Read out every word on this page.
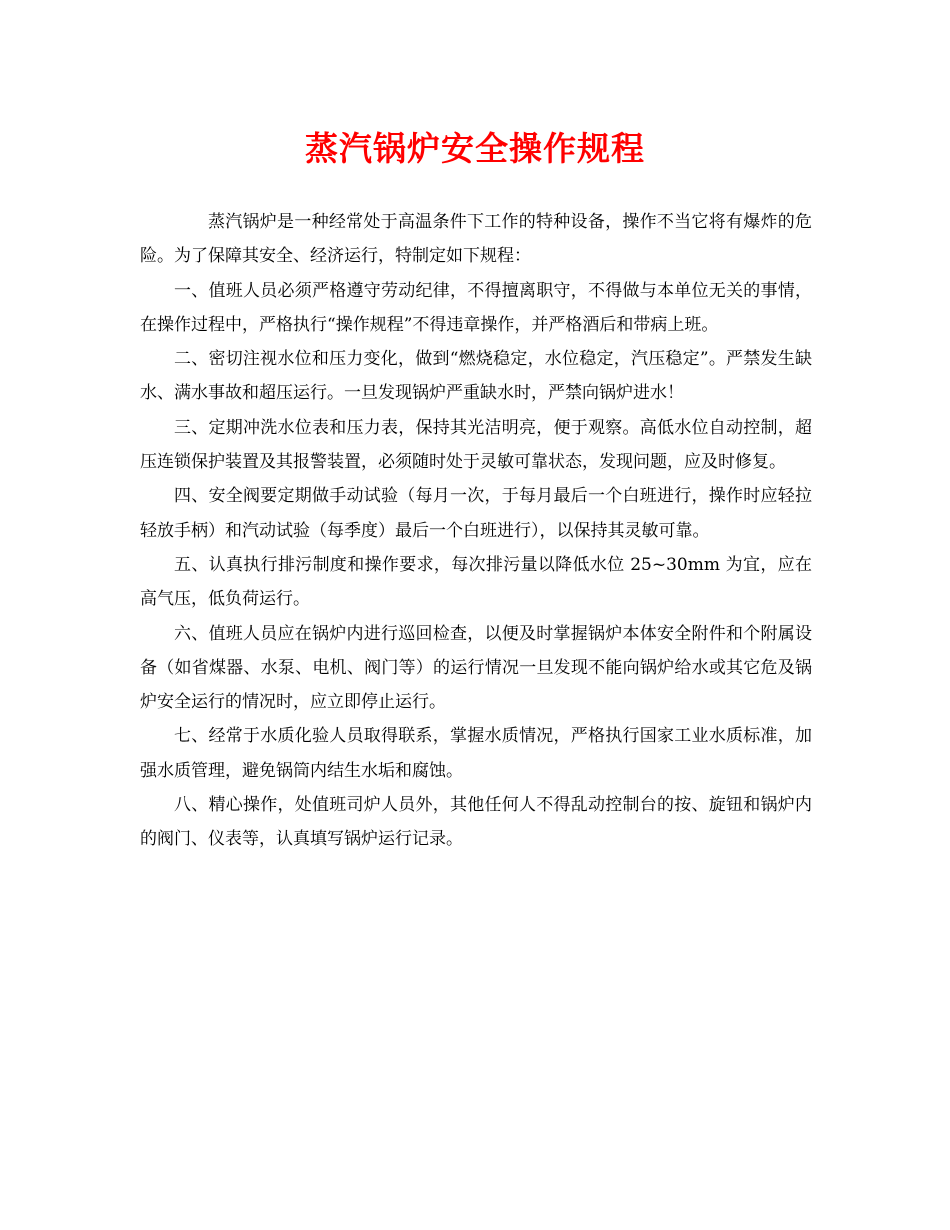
蒸汽锅炉安全操作规程

蒸汽锅炉是一种经常处于高温条件下工作的特种设备，操作不当它将有爆炸的危险。为了保障其安全、经济运行，特制定如下规程：

一、值班人员必须严格遵守劳动纪律，不得擅离职守，不得做与本单位无关的事情，在操作过程中，严格执行“操作规程”不得违章操作，并严格酒后和带病上班。

二、密切注视水位和压力变化，做到“燃烧稳定，水位稳定，汽压稳定”。严禁发生缺水、满水事故和超压运行。一旦发现锅炉严重缺水时，严禁向锅炉进水！

三、定期冲洗水位表和压力表，保持其光洁明亮，便于观察。高低水位自动控制，超压连锁保护装置及其报警装置，必须随时处于灵敏可靠状态，发现问题，应及时修复。

四、安全阀要定期做手动试验（每月一次，于每月最后一个白班进行，操作时应轻拉轻放手柄）和汽动试验（每季度）最后一个白班进行），以保持其灵敏可靠。

五、认真执行排污制度和操作要求，每次排污量以降低水位 25~30mm 为宜，应在高气压，低负荷运行。

六、值班人员应在锅炉内进行巡回检查，以便及时掌握锅炉本体安全附件和个附属设备（如省煤器、水泵、电机、阀门等）的运行情况一旦发现不能向锅炉给水或其它危及锅炉安全运行的情况时，应立即停止运行。

七、经常于水质化验人员取得联系，掌握水质情况，严格执行国家工业水质标准，加强水质管理，避免锅筒内结生水垢和腐蚀。

八、精心操作，处值班司炉人员外，其他任何人不得乱动控制台的按、旋钮和锅炉内的阀门、仪表等，认真填写锅炉运行记录。
